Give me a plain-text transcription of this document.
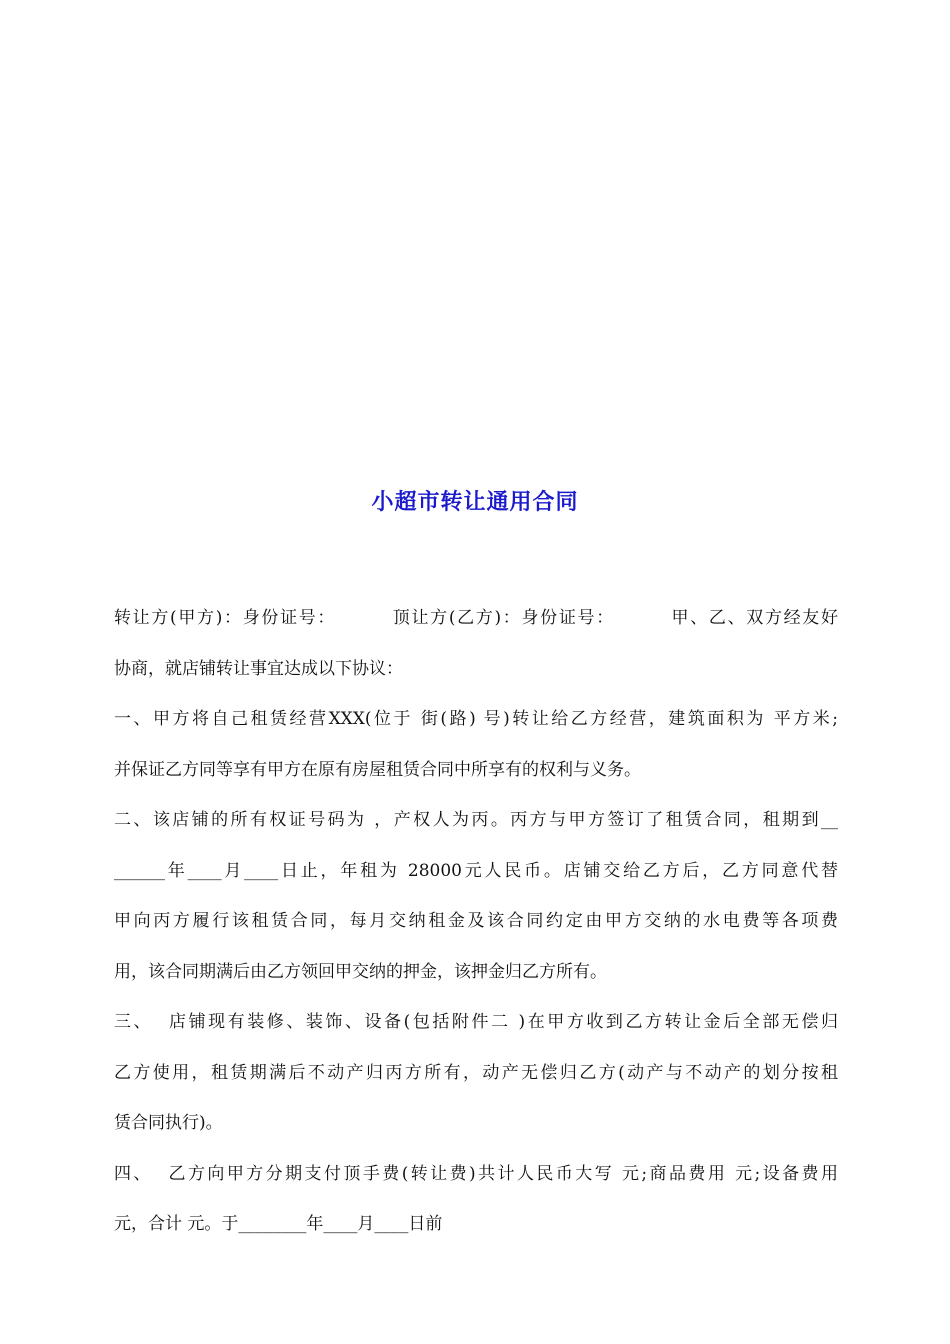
小超市转让通用合同
转让方(甲方)：身份证号：        顶让方(乙方)：身份证号：        甲、乙、双方经友好
协商，就店铺转让事宜达成以下协议：
一、甲方将自己租赁经营XXX(位于 街(路) 号)转让给乙方经营，建筑面积为 平方米;
并保证乙方同等享有甲方在原有房屋租赁合同中所享有的权利与义务。
二、该店铺的所有权证号码为 ，产权人为丙。丙方与甲方签订了租赁合同，租期到__
______年____月____日止，年租为 28000元人民币。店铺交给乙方后，乙方同意代替
甲向丙方履行该租赁合同，每月交纳租金及该合同约定由甲方交纳的水电费等各项费
用，该合同期满后由乙方领回甲交纳的押金，该押金归乙方所有。
三、  店铺现有装修、装饰、设备(包括附件二 )在甲方收到乙方转让金后全部无偿归
乙方使用，租赁期满后不动产归丙方所有，动产无偿归乙方(动产与不动产的划分按租
赁合同执行)。
四、  乙方向甲方分期支付顶手费(转让费)共计人民币大写 元;商品费用 元;设备费用
元，合计 元。于________年____月____日前
